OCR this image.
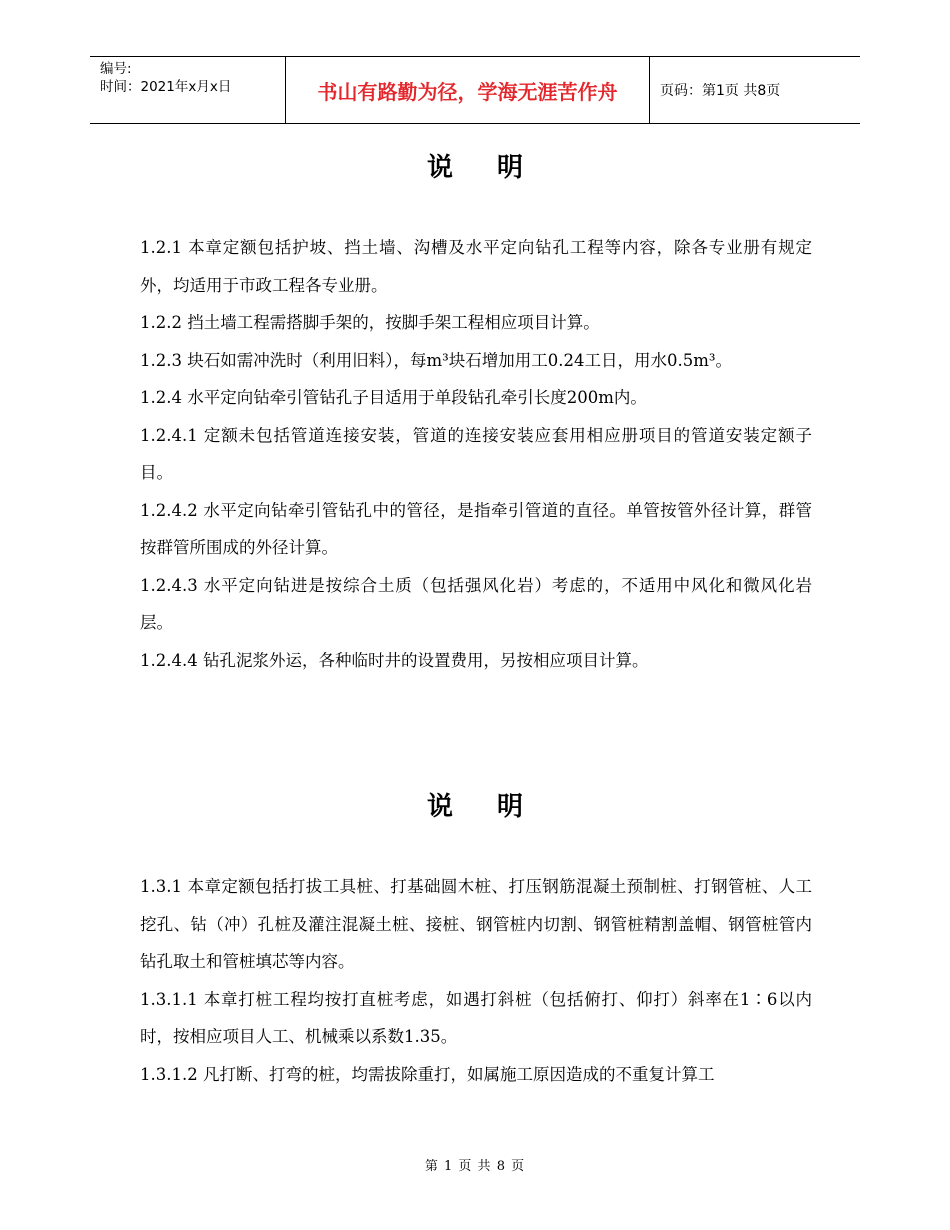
编号:
时间：2021年x月x日	书山有路勤为径，学海无涯苦作舟	页码：第1页 共8页
说明

1.2.1 本章定额包括护坡、挡土墙、沟槽及水平定向钻孔工程等内容，除各专业册有规定外，均适用于市政工程各专业册。

1.2.2 挡土墙工程需搭脚手架的，按脚手架工程相应项目计算。

1.2.3 块石如需冲洗时（利用旧料），每m³块石增加用工0.24工日，用水0.5m³。

1.2.4 水平定向钻牵引管钻孔子目适用于单段钻孔牵引长度200m内。

1.2.4.1 定额未包括管道连接安装，管道的连接安装应套用相应册项目的管道安装定额子目。

1.2.4.2 水平定向钻牵引管钻孔中的管径，是指牵引管道的直径。单管按管外径计算，群管按群管所围成的外径计算。

1.2.4.3 水平定向钻进是按综合土质（包括强风化岩）考虑的，不适用中风化和微风化岩层。

1.2.4.4 钻孔泥浆外运，各种临时井的设置费用，另按相应项目计算。

说明

1.3.1 本章定额包括打拔工具桩、打基础圆木桩、打压钢筋混凝土预制桩、打钢管桩、人工挖孔、钻（冲）孔桩及灌注混凝土桩、接桩、钢管桩内切割、钢管桩精割盖帽、钢管桩管内钻孔取土和管桩填芯等内容。

1.3.1.1 本章打桩工程均按打直桩考虑，如遇打斜桩（包括俯打、仰打）斜率在1∶6以内时，按相应项目人工、机械乘以系数1.35。

1.3.1.2 凡打断、打弯的桩，均需拔除重打，如属施工原因造成的不重复计算工

第 1 页 共 8 页
